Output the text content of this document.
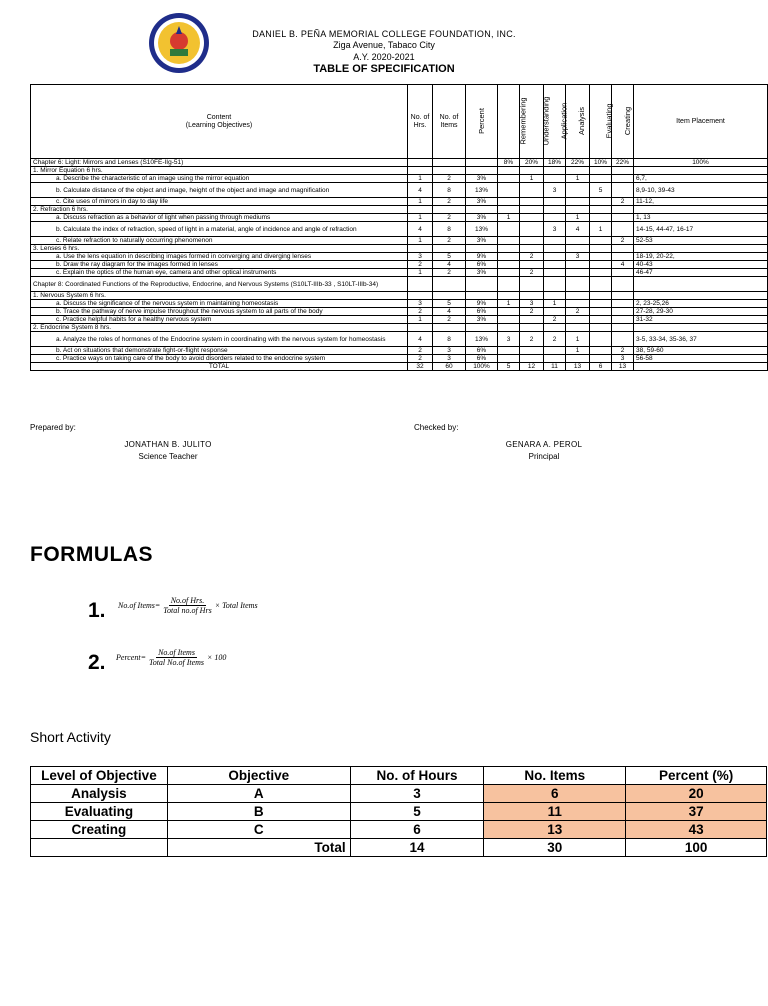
DANIEL B. PEÑA MEMORIAL COLLEGE FOUNDATION, INC.
Ziga Avenue, Tabaco City
A.Y. 2020-2021
TABLE OF SPECIFICATION
Content
(Learning Objectives)	No. of Hrs.	No. of Items	Percent	Remembering	Understanding	Application	Analysis	Evaluating	Creating	Item Placement
Chapter 6: Light: Mirrors and Lenses (S10FE-IIg-51)				8%	20%	18%	22%	10%	22%	100%
1. Mirror Equation 6 hrs.										
a. Describe the characteristic of an image using the mirror equation	1	2	3%		1		1			6,7,
b. Calculate distance of the object and image, height of the object and image and magnification	4	8	13%			3		5		8,9-10, 39-43
c. Cite uses of mirrors in day to day life	1	2	3%						2	11-12,
2. Refraction 6 hrs.										
a. Discuss refraction as a behavior of light when passing through mediums	1	2	3%	1			1			1, 13
b. Calculate the index of refraction, speed of light in a material, angle of incidence and angle of refraction	4	8	13%			3	4	1		14-15, 44-47, 16-17
c. Relate refraction to naturally occurring phenomenon	1	2	3%						2	52-53
3. Lenses 6 hrs.										
a. Use the lens equation in describing images formed in converging and diverging lenses	3	5	9%		2		3			18-19, 20-22,
b. Draw the ray diagram for the images formed in lenses	2	4	6%						4	40-43
c. Explain the optics of the human eye, camera and other optical instruments	1	2	3%		2					46-47
Chapter 8: Coordinated Functions of the Reproductive, Endocrine, and Nervous Systems (S10LT-IIIb-33 , S10LT-IIIb-34)										
1. Nervous System 6 hrs.										
a. Discuss the significance of the nervous system in maintaining homeostasis	3	5	9%	1	3	1				2, 23-25,26
b. Trace the pathway of nerve impulse throughout the nervous system to all parts of the body	2	4	6%		2		2			27-28, 29-30
c. Practice helpful habits for a healthy nervous system	1	2	3%			2				31-32
2. Endocrine System 8 hrs.										
a. Analyze the roles of hormones of the Endocrine system in coordinating with the nervous system for homeostasis	4	8	13%	3	2	2	1			3-5, 33-34, 35-36, 37
b. Act on situations that demonstrate fight-or-flight response	2	3	6%				1		2	38, 59-60
c. Practice ways on taking care of the body to avoid disorders related to the endocrine system	2	3	6%						3	56-58
TOTAL	32	60	100%	5	12	11	13	6	13	
Prepared by:	Checked by:
JONATHAN B. JULITO
Science Teacher
GENARA A. PEROL
Principal
FORMULAS
1. No.of Items = $\frac{\text{No.of Hrs.}}{\text{Total no.of Hrs}}$ × Total Items
2. Percent = $\frac{\text{No.of Items}}{\text{Total No.of Items}} \times 100$
Short Activity
Level of Objective	Objective	No. of Hours	No. Items	Percent (%)
Analysis	A	3	6	20
Evaluating	B	5	11	37
Creating	C	6	13	43
	Total	14	30	100
